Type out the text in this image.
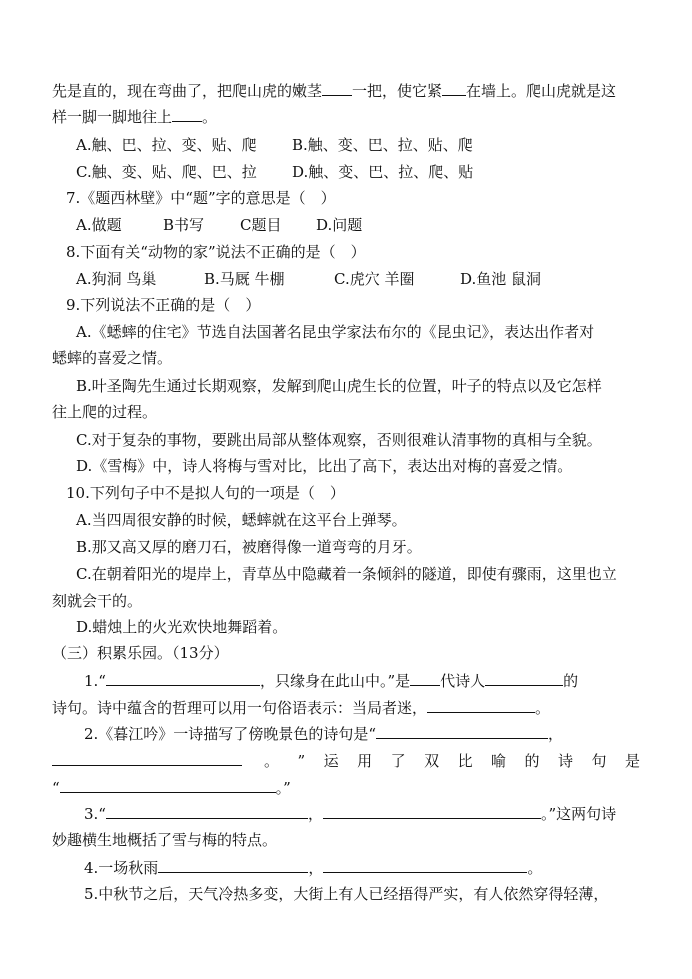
先是直的，现在弯曲了，把爬山虎的嫩茎 一把，使它紧 在墙上。爬山虎就是这
样一脚一脚地往上 。
A.触、巴、拉、变、贴、爬 B.触、变、巴、拉、贴、爬
C.触、变、贴、爬、巴、拉 D.触、变、巴、拉、爬、贴
7.《题西林壁》中“题”字的意思是（　）
A.做题	B书写 C题目 D.问题
8.下面有关“动物的家”说法不正确的是（　）
A.狗洞 鸟巢	B.马厩 牛棚	C.虎穴 羊圈	D.鱼池 鼠洞
9.下列说法不正确的是（　）
A.《蟋蟀的住宅》节选自法国著名昆虫学家法布尔的《昆虫记》，表达出作者对
蟋蟀的喜爱之情。
B.叶圣陶先生通过长期观察，发解到爬山虎生长的位置，叶子的特点以及它怎样
往上爬的过程。
C.对于复杂的事物，要跳出局部从整体观察，否则很难认清事物的真相与全貌。
D.《雪梅》中，诗人将梅与雪对比，比出了高下，表达出对梅的喜爱之情。
10.下列句子中不是拟人句的一项是（　）
A.当四周很安静的时候，蟋蟀就在这平台上弹琴。
B.那又高又厚的磨刀石，被磨得像一道弯弯的月牙。
C.在朝着阳光的堤岸上，青草丛中隐藏着一条倾斜的隧道，即使有骤雨，这里也立
刻就会干的。
D.蜡烛上的火光欢快地舞蹈着。
（三）积累乐园。（13分）
1.“	，只缘身在此山中。”是 代诗人	的
诗句。诗中蕴含的哲理可以用一句俗语表示：当局者迷，	。
2.《暮江吟》一诗描写了傍晚景色的诗句是“	，
。 ” 运 用 了 双 比 喻 的 诗 句 是
“	。”
3.“	，	。”这两句诗
妙趣横生地概括了雪与梅的特点。
4.一场秋雨	，	。
5.中秋节之后，天气冷热多变，大街上有人已经捂得严实，有人依然穿得轻薄，
